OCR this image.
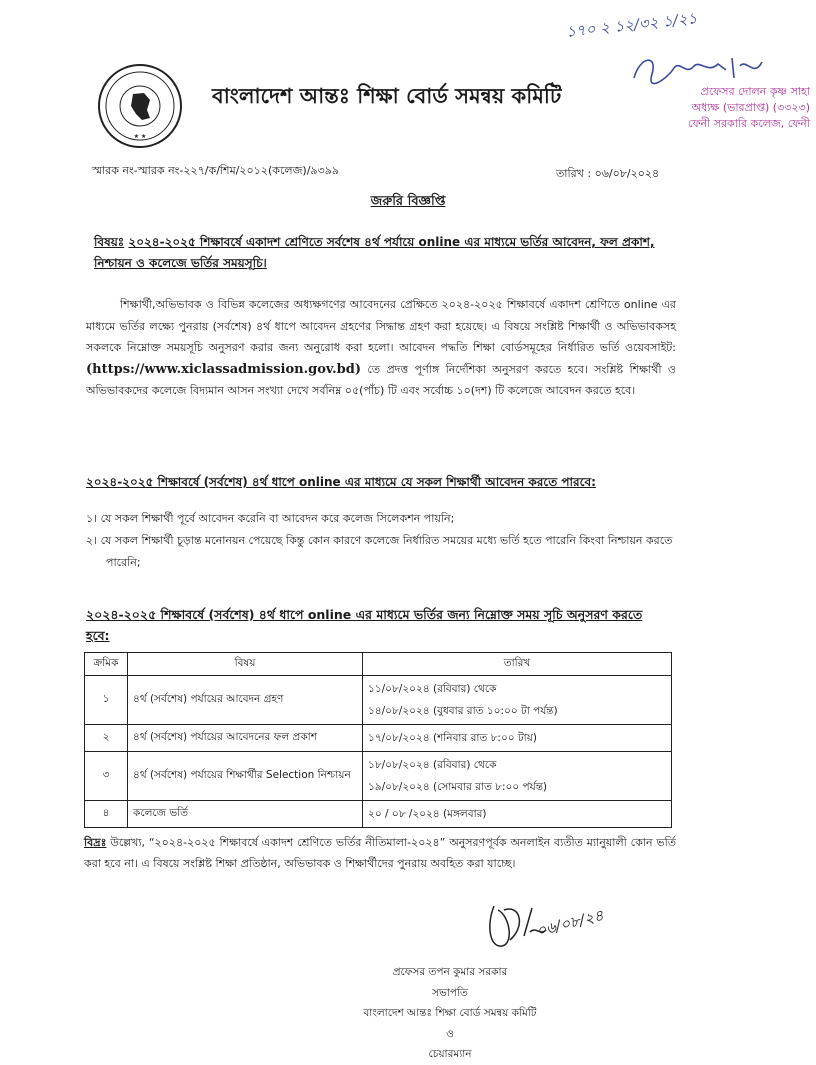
★ ★
বাংলাদেশ আন্তঃ শিক্ষা বোর্ড সমন্বয় কমিটি
১৭০ ২ ১২/৩২ ১/২১
প্রফেসর দোলন কৃষ্ণ সাহা
অধ্যক্ষ (ভারপ্রাপ্ত) (৩৩২৩)
ফেনী সরকারি কলেজ, ফেনী
স্মারক নং-স্মারক নং-২২৭/ক/শিম/২০১২(কলেজ)/৯৩৯৯	তারিখ : ০৬/০৮/২০২৪
জরুরি বিজ্ঞপ্তি
বিষয়ঃ ২০২৪-২০২৫ শিক্ষাবর্ষে একাদশ শ্রেণিতে সর্বশেষ ৪র্থ পর্যায়ে online এর মাধ্যমে ভর্তির আবেদন, ফল প্রকাশ, নিশ্চায়ন ও কলেজে ভর্তির সময়সূচি।
শিক্ষার্থী,অভিভাবক ও বিভিন্ন কলেজের অধ্যক্ষগণের আবেদনের প্রেক্ষিতে ২০২৪-২০২৫ শিক্ষাবর্ষে একাদশ শ্রেণিতে online এর মাধ্যমে ভর্তির লক্ষ্যে পুনরায় (সর্বশেষ) ৪র্থ ধাপে আবেদন গ্রহণের সিদ্ধান্ত গ্রহণ করা হয়েছে। এ বিষয়ে সংশ্লিষ্ট শিক্ষার্থী ও অভিভাবকসহ সকলকে নিম্নোক্ত সময়সূচি অনুসরণ করার জন্য অনুরোধ করা হলো। আবেদন পদ্ধতি শিক্ষা বোর্ডসমূহের নির্ধারিত ভর্তি ওয়েবসাইট:(https://www.xiclassadmission.gov.bd) তে প্রদত্ত পূর্ণাঙ্গ নির্দেশিকা অনুসরণ করতে হবে। সংশ্লিষ্ট শিক্ষার্থী ও অভিভাবকদের কলেজে বিদ্যমান আসন সংখ্যা দেখে সর্বনিম্ন ০৫(পাঁচ) টি এবং সর্বোচ্চ ১০(দশ) টি কলেজে আবেদন করতে হবে।
২০২৪-২০২৫ শিক্ষাবর্ষে (সর্বশেষ) ৪র্থ ধাপে online এর মাধ্যমে যে সকল শিক্ষার্থী আবেদন করতে পারবে:
১। যে সকল শিক্ষার্থী পূর্বে আবেদন করেনি বা আবেদন করে কলেজ সিলেকশন পায়নি;
২। যে সকল শিক্ষার্থী চূড়ান্ত মনোনয়ন পেয়েছে কিন্তু কোন কারণে কলেজে নির্ধারিত সময়ের মধ্যে ভর্তি হতে পারেনি কিংবা নিশ্চায়ন করতে পারেনি;
২০২৪-২০২৫ শিক্ষাবর্ষে (সর্বশেষ) ৪র্থ ধাপে online এর মাধ্যমে ভর্তির জন্য নিম্নোক্ত সময় সূচি অনুসরণ করতে হবে:
ক্রমিক	বিষয়	তারিখ
১	৪র্থ (সর্বশেষ) পর্যায়ের আবেদন গ্রহণ	১১/০৮/২০২৪ (রবিবার) থেকে
১৪/০৮/২০২৪ (বুধবার রাত ১০:০০ টা পর্যন্ত)

২	৪র্থ (সর্বশেষ) পর্যায়ের আবেদনের ফল প্রকাশ	১৭/০৮/২০২৪ (শনিবার রাত ৮:০০ টায়)
৩	৪র্থ (সর্বশেষ) পর্যায়ের শিক্ষার্থীর Selection নিশ্চায়ন	১৮/০৮/২০২৪ (রবিবার) থেকে
১৯/০৮/২০২৪ (সোমবার রাত ৮:০০ পর্যন্ত)

৪	কলেজে ভর্তি	২০ / ০৮ /২০২৪ (মঙ্গলবার)
বিদ্রঃ উল্লেখ্য, “২০২৪-২০২৫ শিক্ষাবর্ষে একাদশ শ্রেণিতে ভর্তির নীতিমালা-২০২৪” অনুসরণপূর্বক অনলাইন ব্যতীত ম্যানুয়ালী কোন ভর্তি করা হবে না। এ বিষয়ে সংশ্লিষ্ট শিক্ষা প্রতিষ্ঠান, অভিভাবক ও শিক্ষার্থীদের পুনরায় অবহিত করা যাচ্ছে।
০৬/০৮/২৪
প্রফেসর তপন কুমার সরকার
সভাপতি
বাংলাদেশ আন্তঃ শিক্ষা বোর্ড সমন্বয় কমিটি
ও
চেয়ারম্যান
